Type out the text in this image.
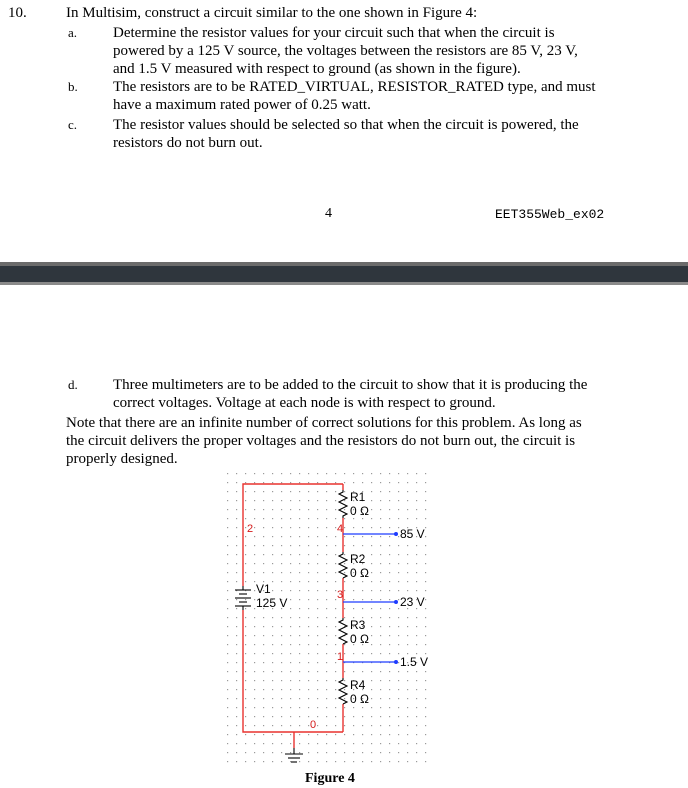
10.	In Multisim, construct a circuit similar to the one shown in Figure 4:
a. Determine the resistor values for your circuit such that when the circuit is
powered by a 125 V source, the voltages between the resistors are 85 V, 23 V,
and 1.5 V measured with respect to ground (as shown in the figure).
b. The resistors are to be RATED_VIRTUAL, RESISTOR_RATED type, and must
have a maximum rated power of 0.25 watt.
c. The resistor values should be selected so that when the circuit is powered, the
resistors do not burn out.
4	EET355Web_ex02
d. Three multimeters are to be added to the circuit to show that it is producing the
correct voltages. Voltage at each node is with respect to ground.
Note that there are an infinite number of correct solutions for this problem. As long as
the circuit delivers the proper voltages and the resistors do not burn out, the circuit is
properly designed.
R1
0 Ω
R2
0 Ω
R3
0 Ω
R4
0 Ω
V1
125 V
2	4
3
1
0
85 V
23 V
1.5 V
Figure 4
